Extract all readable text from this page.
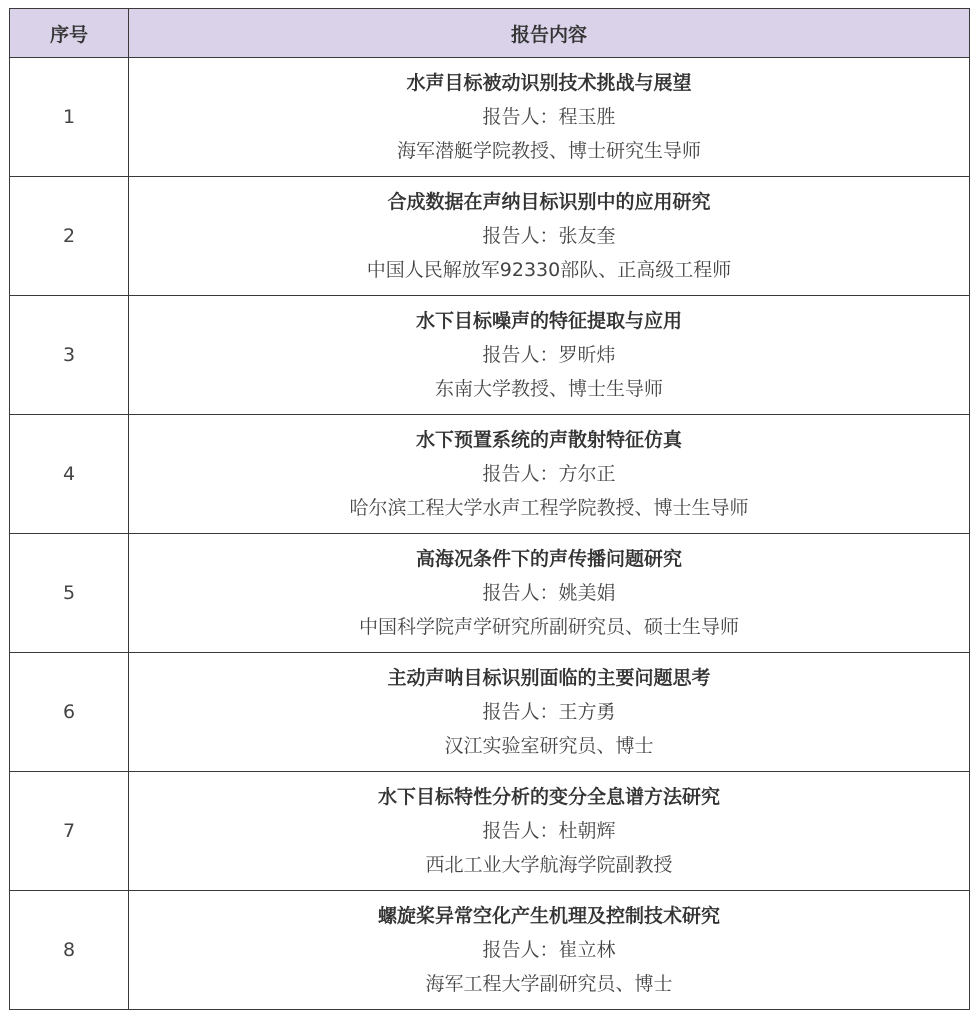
序号	报告内容
1	水声目标被动识别技术挑战与展望
报告人：程玉胜
海军潜艇学院教授、博士研究生导师

2	合成数据在声纳目标识别中的应用研究
报告人：张友奎
中国人民解放军92330部队、正高级工程师

3	水下目标噪声的特征提取与应用
报告人：罗昕炜
东南大学教授、博士生导师

4	水下预置系统的声散射特征仿真
报告人：方尔正
哈尔滨工程大学水声工程学院教授、博士生导师

5	高海况条件下的声传播问题研究
报告人：姚美娟
中国科学院声学研究所副研究员、硕士生导师

6	主动声呐目标识别面临的主要问题思考
报告人：王方勇
汉江实验室研究员、博士

7	水下目标特性分析的变分全息谱方法研究
报告人：杜朝辉
西北工业大学航海学院副教授

8	螺旋桨异常空化产生机理及控制技术研究
报告人：崔立林
海军工程大学副研究员、博士
